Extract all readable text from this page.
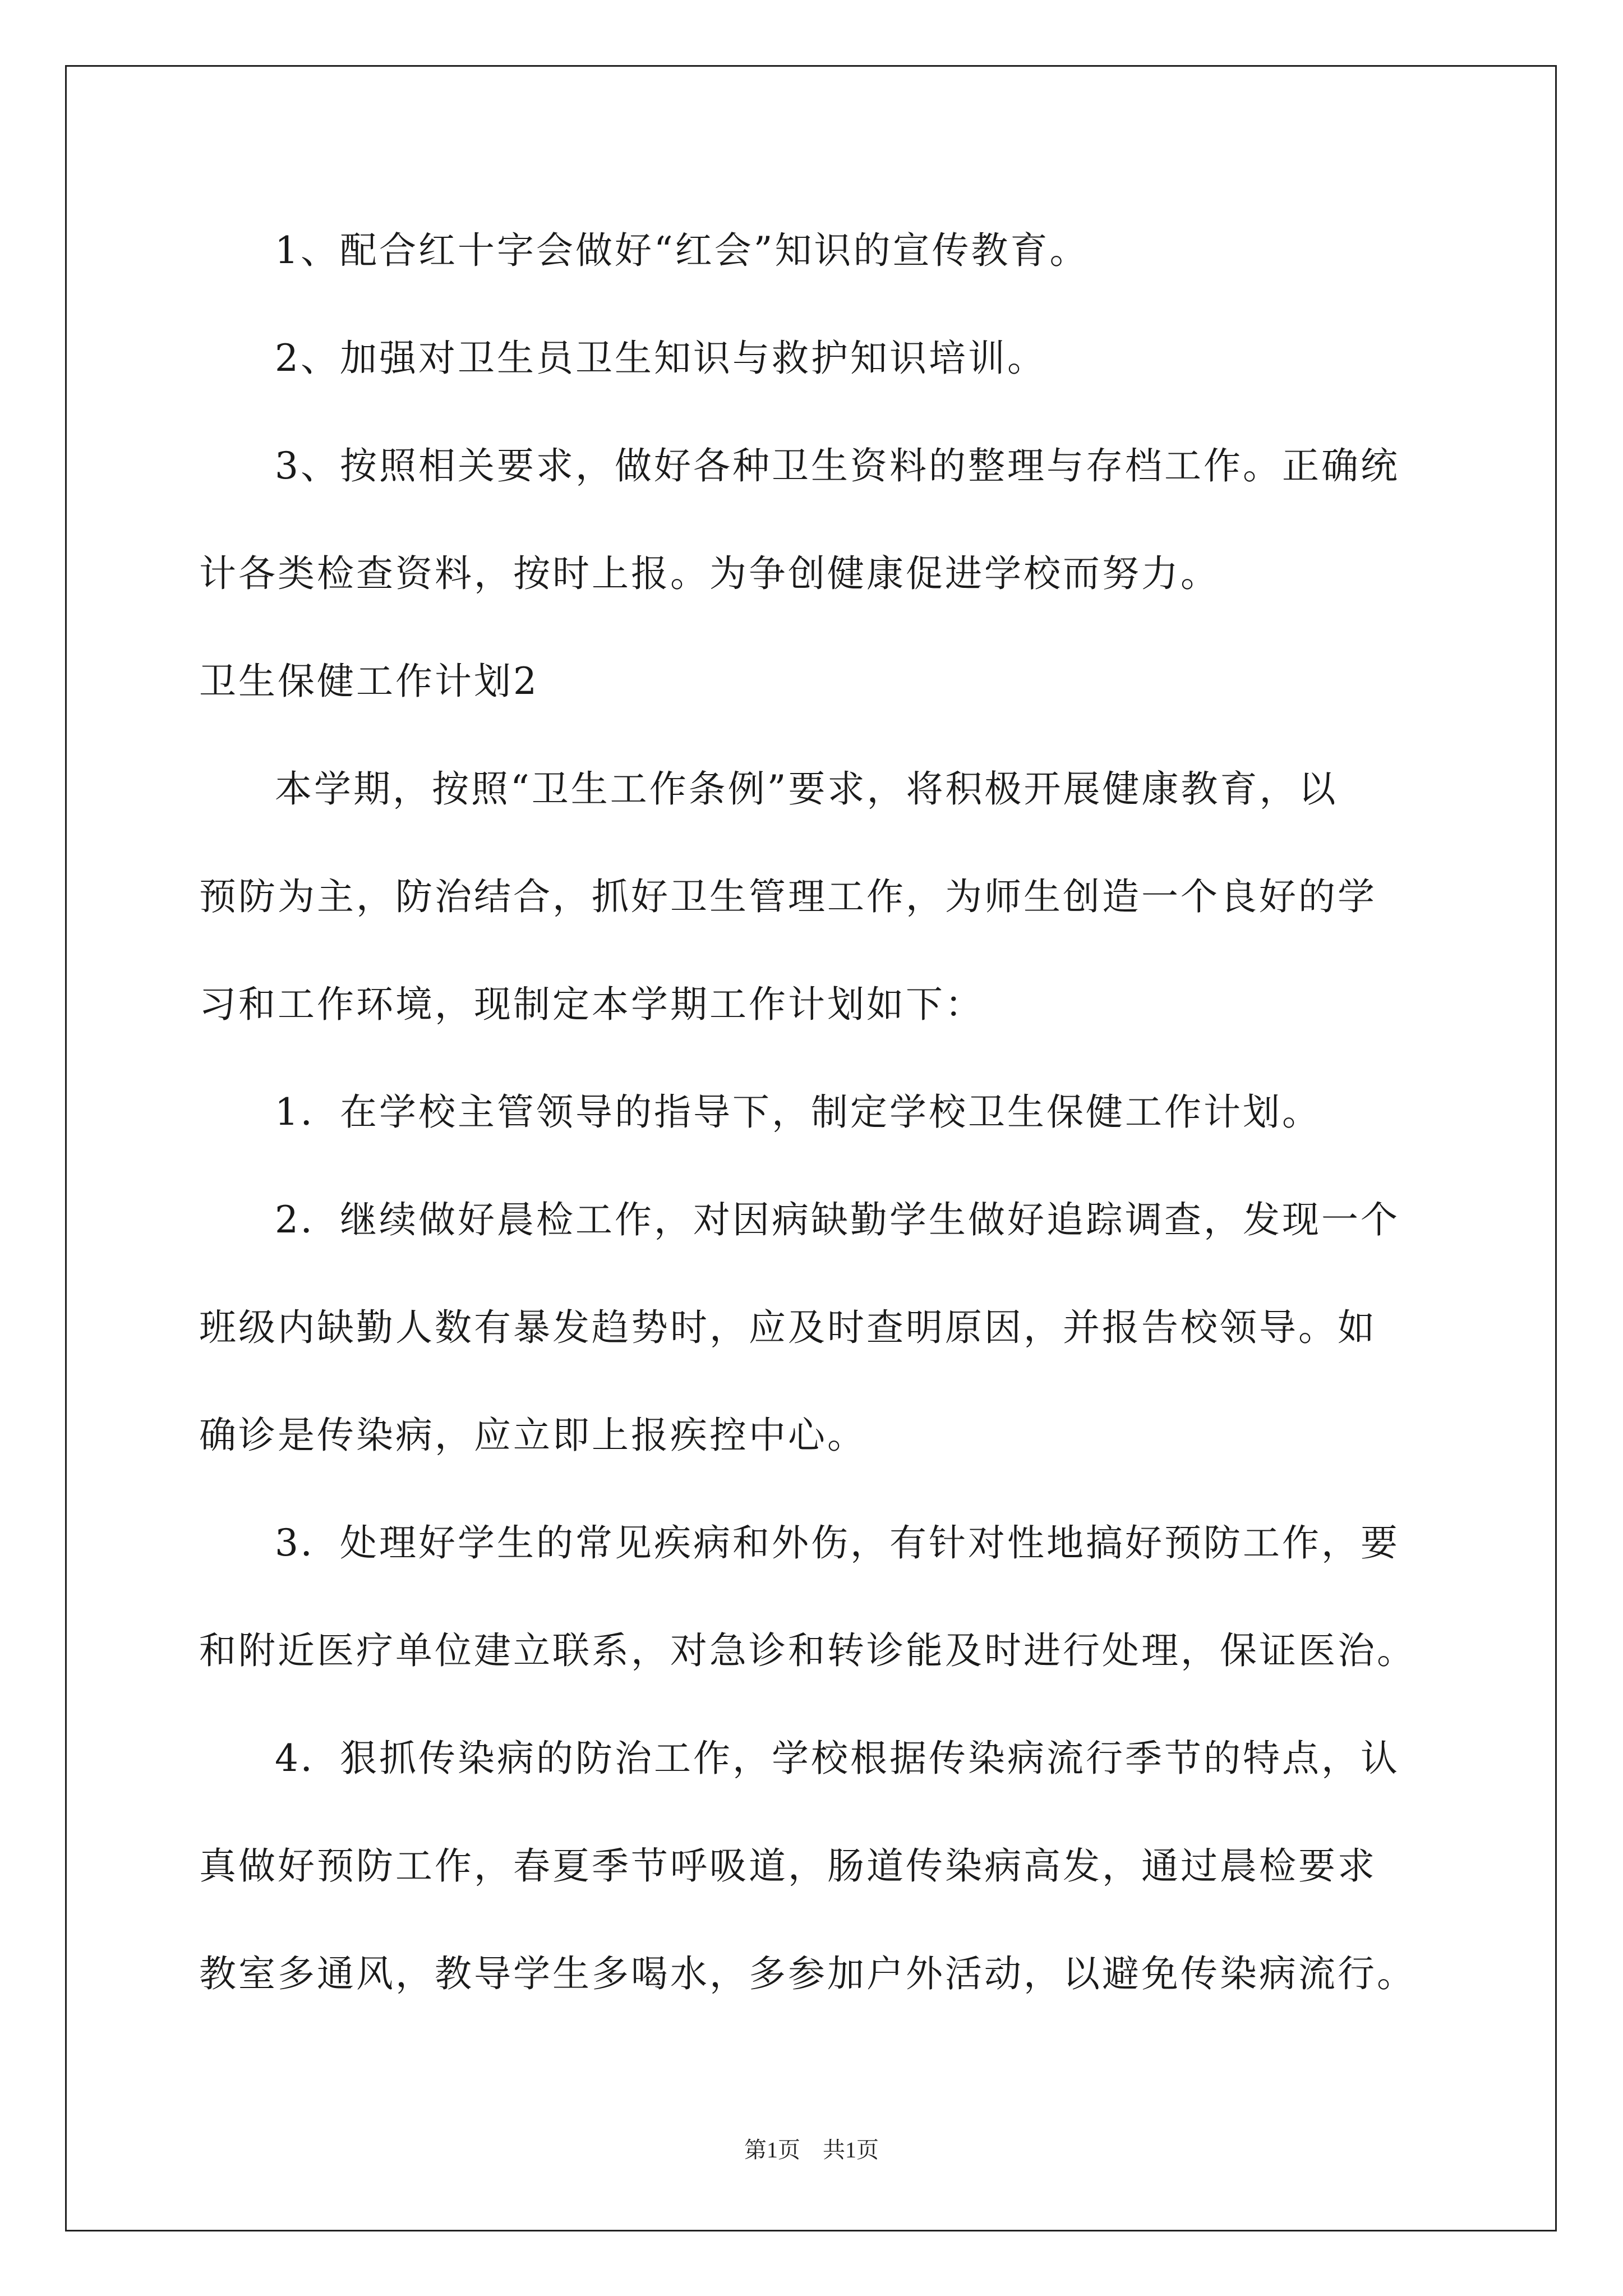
1、配合红十字会做好“红会”知识的宣传教育。
2、加强对卫生员卫生知识与救护知识培训。
3、按照相关要求，做好各种卫生资料的整理与存档工作。正确统
计各类检查资料，按时上报。为争创健康促进学校而努力。
卫生保健工作计划2
本学期，按照“卫生工作条例”要求，将积极开展健康教育，以
预防为主，防治结合，抓好卫生管理工作，为师生创造一个良好的学
习和工作环境，现制定本学期工作计划如下：
1．在学校主管领导的指导下，制定学校卫生保健工作计划。
2．继续做好晨检工作，对因病缺勤学生做好追踪调查，发现一个
班级内缺勤人数有暴发趋势时，应及时查明原因，并报告校领导。如
确诊是传染病，应立即上报疾控中心。
3．处理好学生的常见疾病和外伤，有针对性地搞好预防工作，要
和附近医疗单位建立联系，对急诊和转诊能及时进行处理，保证医治。
4．狠抓传染病的防治工作，学校根据传染病流行季节的特点，认
真做好预防工作，春夏季节呼吸道，肠道传染病高发，通过晨检要求
教室多通风，教导学生多喝水，多参加户外活动，以避免传染病流行。
第1页　共1页
